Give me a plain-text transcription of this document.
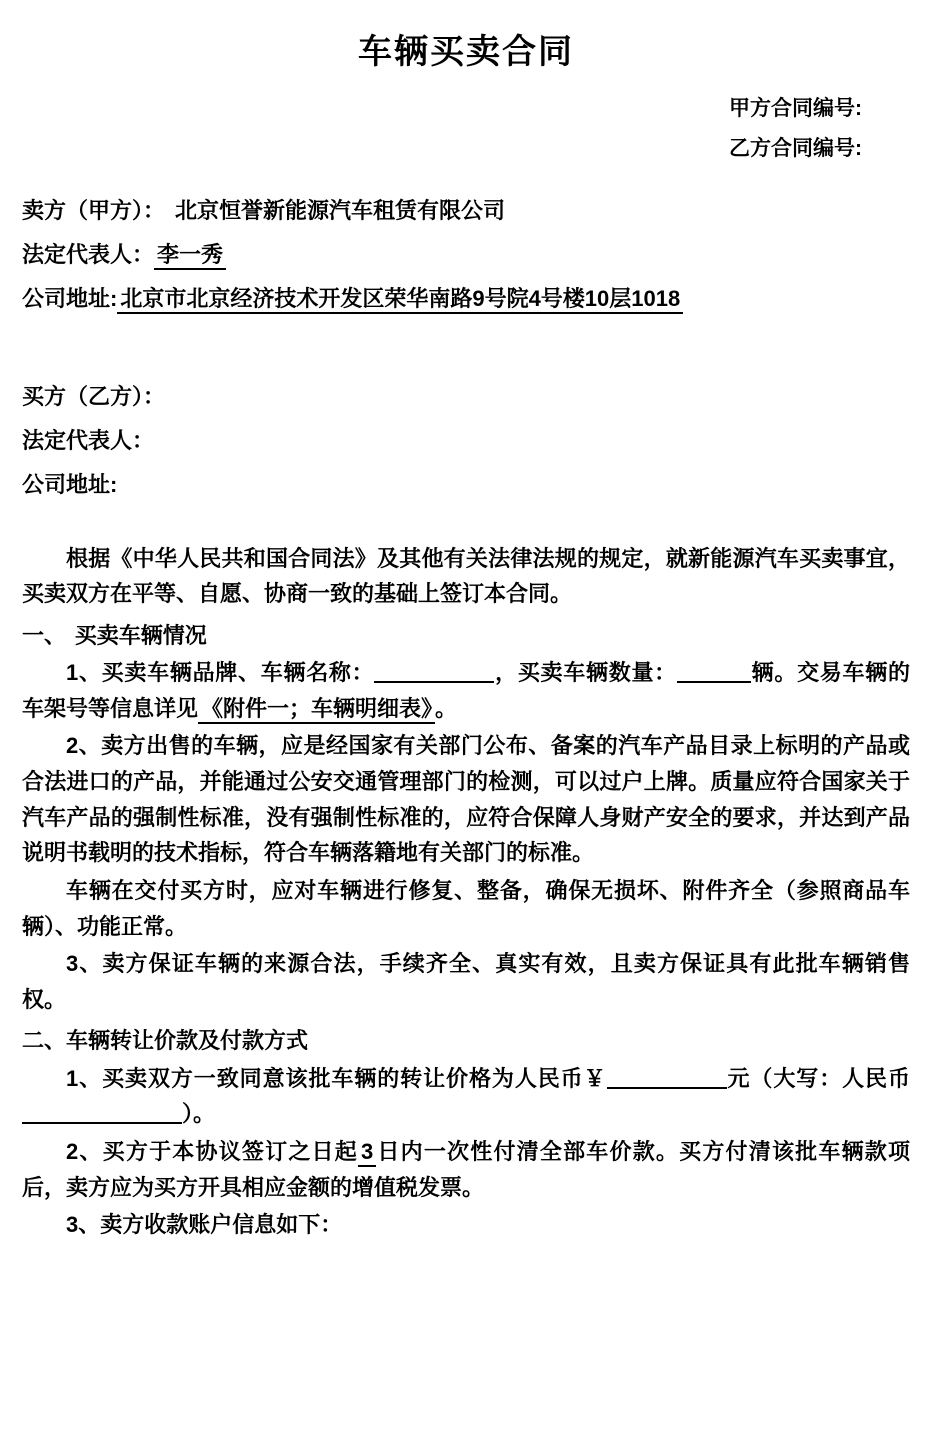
车辆买卖合同
甲方合同编号:
乙方合同编号:
卖方（甲方）： 北京恒誉新能源汽车租赁有限公司
法定代表人： 李一秀
公司地址: 北京市北京经济技术开发区荣华南路9号院4号楼10层1018
买方（乙方）：
法定代表人：
公司地址:

根据《中华人民共和国合同法》及其他有关法律法规的规定，就新能源汽车买卖事宜，买卖双方在平等、自愿、协商一致的基础上签订本合同。

一、 买卖车辆情况

1、买卖车辆品牌、车辆名称：	，买卖车辆数量：	辆。交易车辆的车架号等信息详见 《附件一；车辆明细表》 。

2、卖方出售的车辆，应是经国家有关部门公布、备案的汽车产品目录上标明的产品或合法进口的产品，并能通过公安交通管理部门的检测，可以过户上牌。质量应符合国家关于汽车产品的强制性标准，没有强制性标准的，应符合保障人身财产安全的要求，并达到产品说明书载明的技术指标，符合车辆落籍地有关部门的标准。

车辆在交付买方时，应对车辆进行修复、整备，确保无损坏、附件齐全（参照商品车辆）、功能正常。

3、卖方保证车辆的来源合法，手续齐全、真实有效，且卖方保证具有此批车辆销售权。

二、车辆转让价款及付款方式

1、买卖双方一致同意该批车辆的转让价格为人民币￥	元（大写：人民币）。

2、买方于本协议签订之日起 3 日内一次性付清全部车价款。买方付清该批车辆款项后，卖方应为买方开具相应金额的增值税发票。

3、卖方收款账户信息如下：
